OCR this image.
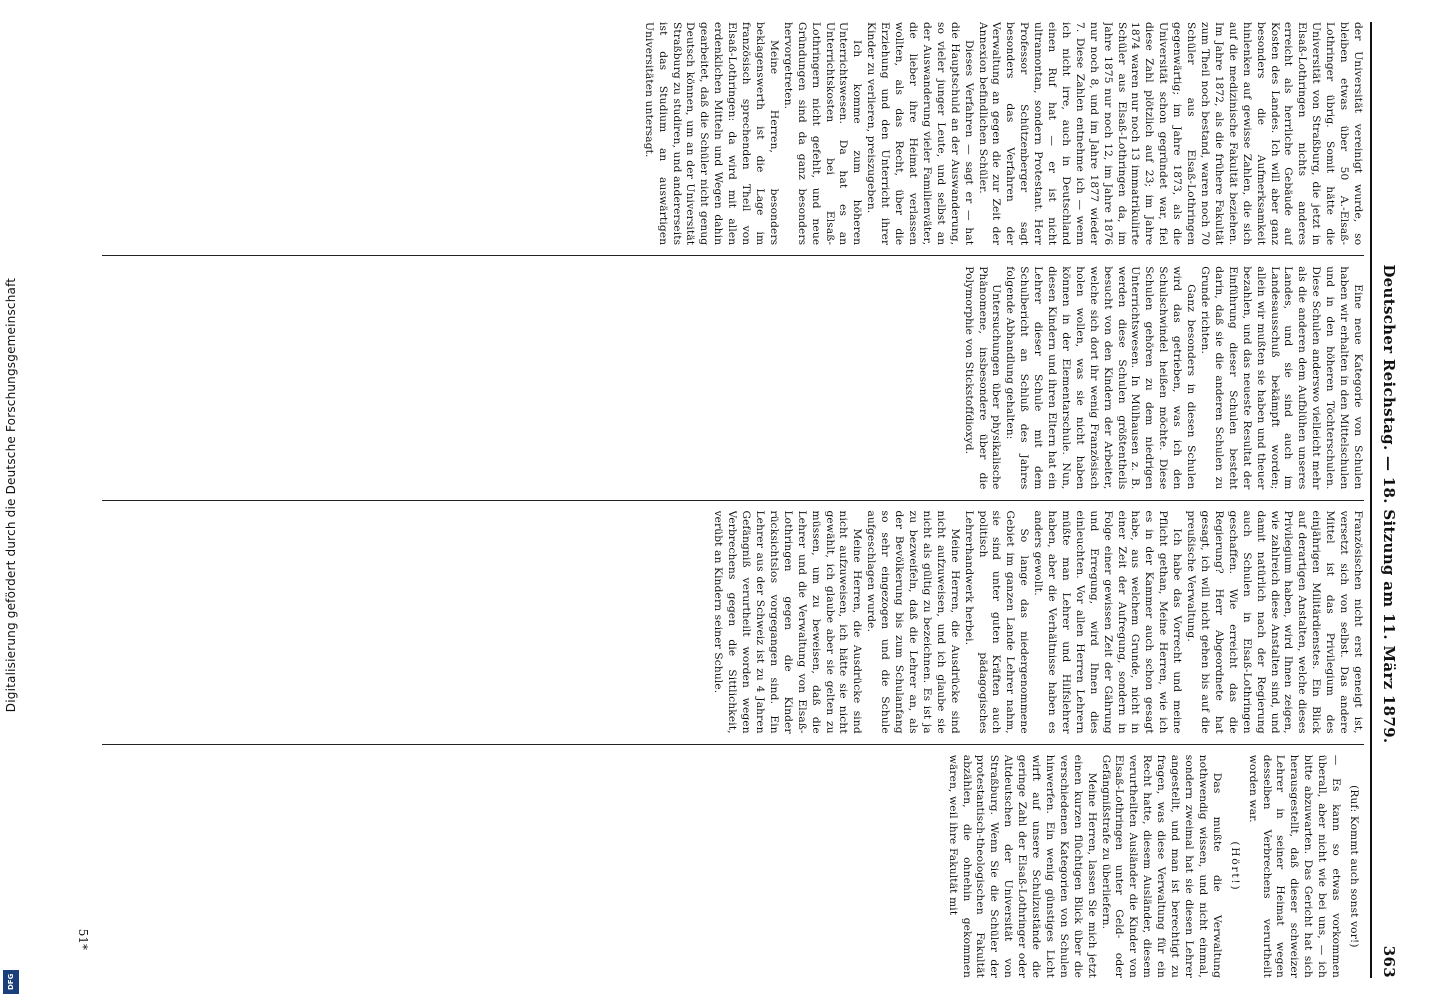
Digitalisierung gefördert durch die Deutsche Forschungsgemeinschaft
DFG
Deutscher Reichstag. — 18. Sitzung am 11. März 1879.
363

der Universität vereinigt wurde, so bleiben etwas über 50 A.-Elsaß-Lothringer übrig. Somit hätte die Universität von Straßburg, die jetzt in Elsaß-Lothringen nichts anderes erreicht als herrliche Gebäude auf Kosten des Landes. Ich will aber ganz besonders die Aufmerksamkeit hinlenken auf gewisse Zahlen, die sich auf die medizinische Fakultät beziehen. Im Jahre 1872, als die frühere Fakultät zum Theil noch bestand, waren noch 70 Schüler aus Elsaß-Lothringen gegenwärtig; im Jahre 1873, als die Universität schon gegründet war, fiel diese Zahl plötzlich auf 23; im Jahre 1874 waren nur noch 13 immatrikulirte Schüler aus Elsaß-Lothringen da, im Jahre 1875 nur noch 12, im Jahre 1876 nur noch 8, und im Jahre 1877 wieder 7. Diese Zahlen entnehme ich — wenn ich nicht irre, auch in Deutschland einen Ruf hat — er ist nicht ultramontan, sondern Protestant. Herr Professor Schützenberger sagt besonders das Verfahren der Verwaltung an gegen die zur Zeit der Annexion befindlichen Schüler.

Dieses Verfahren — sagt er — hat die Hauptschuld an der Auswanderung, so vieler junger Leute, und selbst an der Auswanderung vieler Familienväter, die lieber ihre Heimat verlassen wollten, als das Recht, über die Erziehung und den Unterricht ihrer Kinder zu verlieren, preiszugeben.

Ich komme zum höheren Unterrichtswesen. Da hat es an Unterrichtskosten bei Elsaß-Lothringern nicht gefehlt, und neue Gründungen sind da ganz besonders hervorgetreten.

Meine Herren, besonders beklagenswerth ist die Lage im französisch sprechenden Theil von Elsaß-Lothringen: da wird mit allen erdenklichen Mitteln und Wegen dahin gearbeitet, daß die Schüler nicht genug Deutsch können, um an der Universität Straßburg zu studiren, und andererseits ist das Studium an auswärtigen Universitäten untersagt.

Eine neue Kategorie von Schulen haben wir erhalten in den Mittelschulen und in den höheren Töchterschulen. Diese Schulen anderswo vielleicht mehr als die anderen dem Aufblühen unseres Landes, und sie sind auch im Landesausschuß bekämpft worden; allein wir mußten sie haben und theuer bezahlen, und das neueste Resultat der Einführung dieser Schulen besteht darin, daß sie die anderen Schulen zu Grunde richten.

Ganz besonders in diesen Schulen wird das getrieben, was ich den Schulschwindel heißen möchte. Diese Schulen gehören zu dem niedrigen Unterrichtswesen. In Mülhausen z. B. werden diese Schulen größtentheils besucht von den Kindern der Arbeiter, welche sich dort ihr wenig Französisch holen wollen, was sie nicht haben können in der Elementarschule. Nun, diesen Kindern und ihren Eltern hat ein Lehrer dieser Schule mit dem Schulbericht an Schluß des Jahres folgende Abhandlung gehalten:

Untersuchungen über physikalische Phänomene, insbesondere über die Polymorphie von Stickstoffdioxyd.

Französischen nicht erst geneigt ist, versetzt sich von selbst. Das andere Mittel ist das Privilegium des einjährigen Militärdienstes. Ein Blick auf derartigen Anstalten, welche dieses Privilegium haben, wird Ihnen zeigen, wie zahlreich diese Anstalten sind, und damit natürlich nach der Regierung auch Schulen in Elsaß-Lothringen geschaffen. Wie erreicht das die Regierung? Herr Abgeordnete hat gesagt, ich will nicht gehen bis auf die preußische Verwaltung.

Ich habe das Vorrecht und meine Pflicht gethan, Meine Herren, wie ich es in der Kammer auch schon gesagt habe, aus welchem Grunde, nicht in einer Zeit der Aufregung, sondern in Folge einer gewissen Zeit der Gährung und Erregung, wird Ihnen dies einleuchten. Vor allen Herren Lehrern müßte man Lehrer und Hilfslehrer haben, aber die Verhältnisse haben es anders gewollt.

So lange das niedergenommene Gebiet im ganzen Lande Lehrer nahm, sie sind unter guten Kräften auch politisch pädagogisches Lehrerhandwerk herbei.

Meine Herren, die Ausdrücke sind nicht aufzuweisen, und ich glaube sie nicht als gültig zu bezeichnen. Es ist ja zu bezweifeln, daß die Lehrer an, als der Bevölkerung bis zum Schulanfang so sehr eingezogen und die Schule aufgeschlagen wurde.

Meine Herren, die Ausdrücke sind nicht aufzuweisen, ich hätte sie nicht gewählt, ich glaube aber sie gelten zu müssen, um zu beweisen, daß die Lehrer und die Verwaltung von Elsaß-Lothringen gegen die Kinder rücksichtslos vorgegangen sind. Ein Lehrer aus der Schweiz ist zu 4 Jahren Gefängniß verurtheilt worden wegen Verbrechens gegen die Sittlichkeit, verübt an Kindern seiner Schule.

(Ruf: Kommt auch sonst vor!)

— Es kann so etwas vorkommen überall, aber nicht wie bei uns, — ich bitte abzuwarten. Das Gericht hat sich herausgestellt, daß dieser schweizer Lehrer in seiner Heimat wegen desselben Verbrechens verurtheilt worden war.

(Hört!)

Das mußte die Verwaltung nothwendig wissen, und nicht einmal, sondern zweimal hat sie diesen Lehrer angestellt, und man ist berechtigt zu fragen, was diese Verwaltung für ein Recht hatte, diesem Ausländer, diesem verurtheilten Ausländer die Kinder von Elsaß-Lothringen unter Geld- oder Gefängnißstrafe zu überliefern.

Meine Herren, lassen Sie mich jetzt einen kurzen flüchtigen Blick über die verschiedenen Kategorien von Schulen hinwerfen. Ein wenig günstiges Licht wirft auf unsere Schulzustände die geringe Zahl der Elsaß-Lothringer oder Altdeutschen der Universität von Straßburg. Wenn Sie die Schüler der protestantisch-theologischen Fakultät abzählen, die ohnehin gekommen wären, weil ihre Fakultät mit

51*
